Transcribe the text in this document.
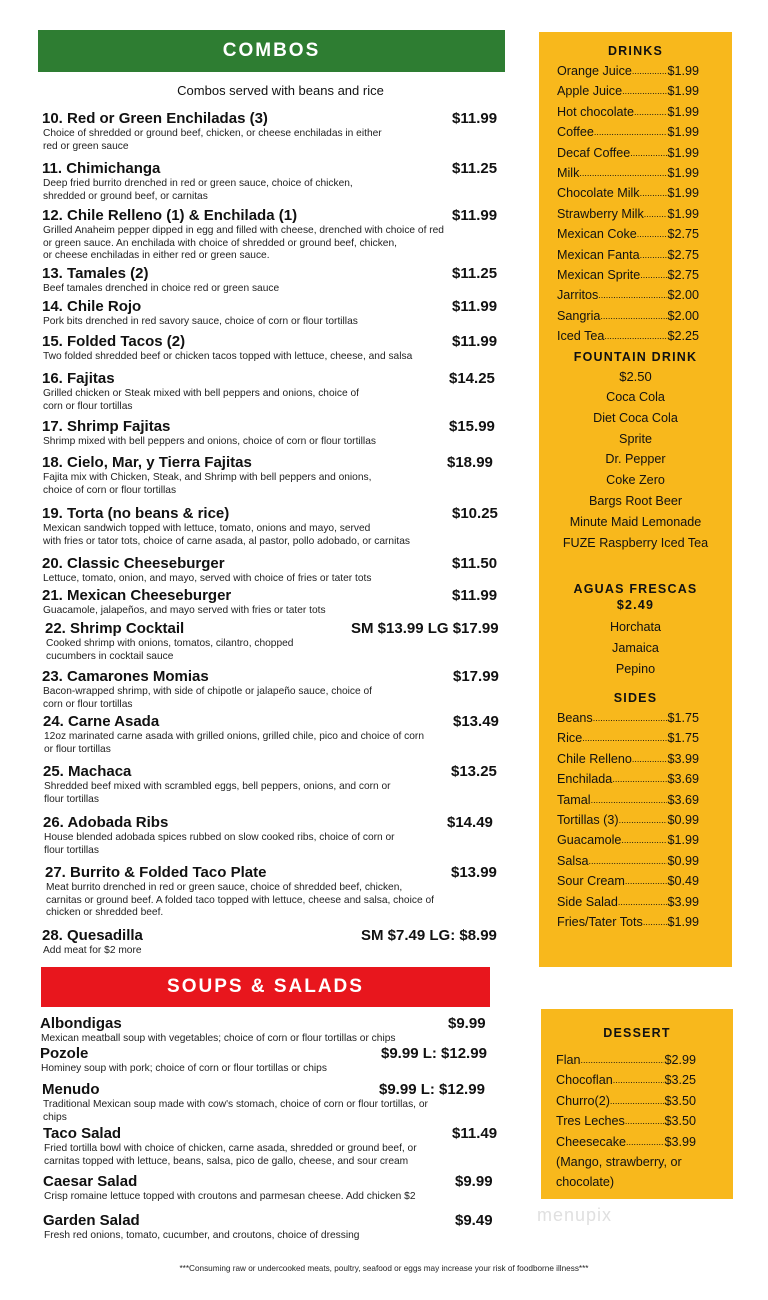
COMBOS
Combos served with beans and rice
SOUPS & SALADS
10. Red or Green Enchiladas (3)	$11.99
Choice of shredded or ground beef, chicken, or cheese enchiladas in either
red or green sauce
11. Chimichanga	$11.25
Deep fried burrito drenched in red or green sauce, choice of chicken,
shredded or ground beef, or carnitas
12. Chile Relleno (1) & Enchilada (1)	$11.99
Grilled Anaheim pepper dipped in egg and filled with cheese, drenched with choice of red
or green sauce. An enchilada with choice of shredded or ground beef, chicken,
or cheese enchiladas in either red or green sauce.
13. Tamales (2)	$11.25
Beef tamales drenched in choice red or green sauce
14. Chile Rojo	$11.99
Pork bits drenched in red savory sauce, choice of corn or flour tortillas
15. Folded Tacos (2)	$11.99
Two folded shredded beef or chicken tacos topped with lettuce, cheese, and salsa
16. Fajitas	$14.25
Grilled chicken or Steak mixed with bell peppers and onions, choice of
corn or flour tortillas
17. Shrimp Fajitas	$15.99
Shrimp mixed with bell peppers and onions, choice of corn or flour tortillas
18. Cielo, Mar, y Tierra Fajitas	$18.99
Fajita mix with Chicken, Steak, and Shrimp with bell peppers and onions,
choice of corn or flour tortillas
19. Torta (no beans & rice)	$10.25
Mexican sandwich topped with lettuce, tomato, onions and mayo, served
with fries or tator tots, choice of carne asada, al pastor, pollo adobado, or carnitas
20. Classic Cheeseburger	$11.50
Lettuce, tomato, onion, and mayo, served with choice of fries or tater tots
21. Mexican Cheeseburger	$11.99
Guacamole, jalapeños, and mayo served with fries or tater tots
22. Shrimp Cocktail	SM $13.99 LG $17.99
Cooked shrimp with onions, tomatos, cilantro, chopped
cucumbers in cocktail sauce
23. Camarones Momias	$17.99
Bacon-wrapped shrimp, with side of chipotle or jalapeño sauce, choice of
corn or flour tortillas
24. Carne Asada	$13.49
12oz marinated carne asada with grilled onions, grilled chile, pico and choice of corn
or flour tortillas
25. Machaca	$13.25
Shredded beef mixed with scrambled eggs, bell peppers, onions, and corn or
flour tortillas
26. Adobada Ribs	$14.49
House blended adobada spices rubbed on slow cooked ribs, choice of corn or
flour tortillas
27. Burrito & Folded Taco Plate	$13.99
Meat burrito drenched in red or green sauce, choice of shredded beef, chicken,
carnitas or ground beef. A folded taco topped with lettuce, cheese and salsa, choice of
chicken or shredded beef.
28. Quesadilla	SM $7.49 LG: $8.99
Add meat for $2 more
Albondigas	$9.99
Mexican meatball soup with vegetables; choice of corn or flour tortillas or chips
Pozole	$9.99 L: $12.99
Hominey soup with pork; choice of corn or flour tortillas or chips
Menudo	$9.99 L: $12.99
Traditional Mexican soup made with cow's stomach, choice of corn or flour tortillas, or
chips
Taco Salad	$11.49
Fried tortilla bowl with choice of chicken, carne asada, shredded or ground beef, or
carnitas topped with lettuce, beans, salsa, pico de gallo, cheese, and sour cream
Caesar Salad	$9.99
Crisp romaine lettuce topped with croutons and parmesan cheese. Add chicken $2
Garden Salad	$9.49
Fresh red onions, tomato, cucumber, and croutons, choice of dressing
DRINKS
Orange Juice .....	$1.99
Apple Juice .....	$1.99
Hot chocolate .....	$1.99
Coffee .....	$1.99
Decaf Coffee .....	$1.99
Milk .....	$1.99
Chocolate Milk ..... $1.99
Strawberry Milk ..... $1.99
Mexican Coke ..... $2.75
Mexican Fanta ..... $2.75
Mexican Sprite ..... $2.75
Jarritos .....	$2.00
Sangria .....	$2.00
Iced Tea .....	$2.25
FOUNTAIN DRINK
$2.50
Coca Cola
Diet Coca Cola
Sprite
Dr. Pepper
Coke Zero
Bargs Root Beer
Minute Maid Lemonade
FUZE Raspberry Iced Tea
AGUAS FRESCAS
$2.49
Horchata
Jamaica
Pepino
SIDES
Beans .....	$1.75
Rice .....	$1.75
Chile Relleno .....	$3.99
Enchilada .....	$3.69
Tamal .....	$3.69
Tortillas (3) .....	$0.99
Guacamole .....	$1.99
Salsa .....	$0.99
Sour Cream .....	$0.49
Side Salad .....	$3.99
Fries/Tater Tots ..... $1.99
DESSERT
Flan .....	$2.99
Chocoflan .....	$3.25
Churro(2) .....	$3.50
Tres Leches .....	$3.50
Cheesecake .....	$3.99
(Mango, strawberry, or
chocolate)
menupix
***Consuming raw or undercooked meats, poultry, seafood or eggs may increase your risk of foodborne illness***
